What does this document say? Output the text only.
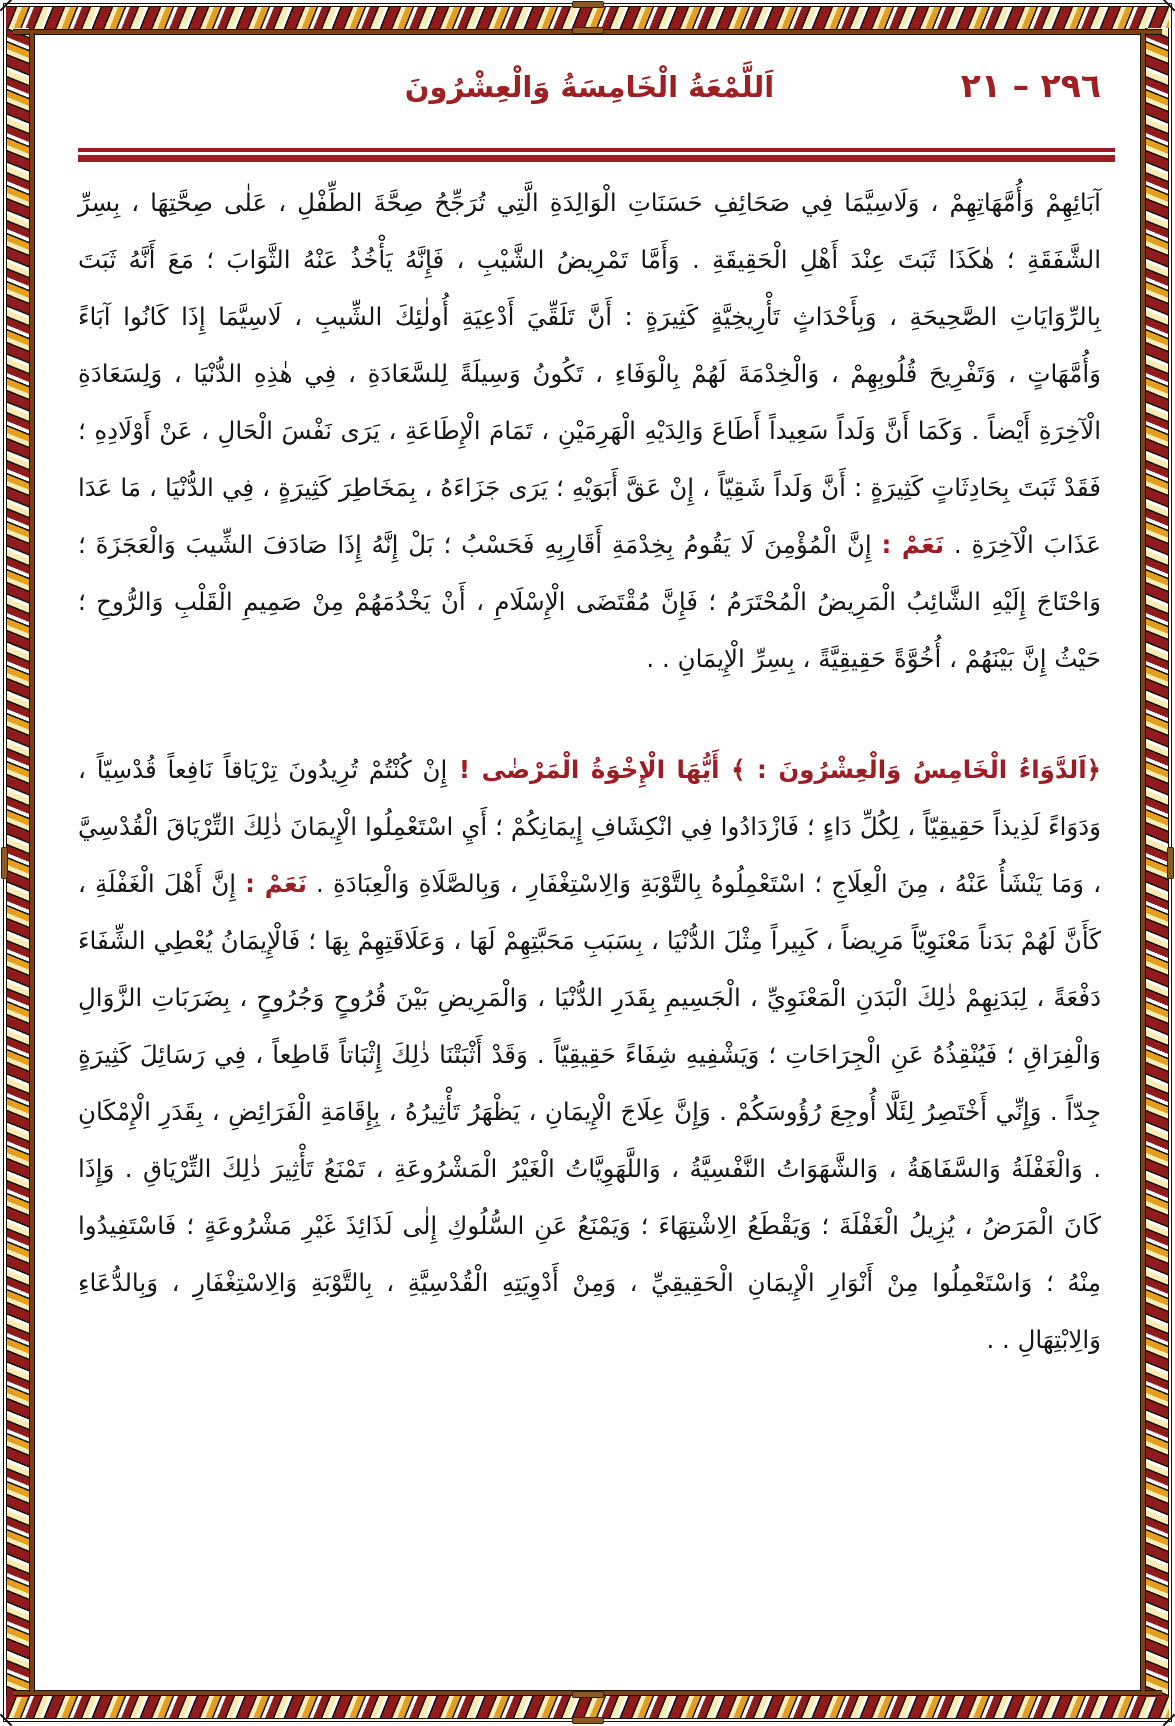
٢٩٦ – ٢١
اَللَّمْعَةُ الْخَامِسَةُ وَالْعِشْرُونَ

آبَائِهِمْ وَأُمَّهَاتِهِمْ ، وَلَاسِيَّمَا فِي صَحَائِفِ حَسَنَاتِ الْوَالِدَةِ الَّتِي تُرَجِّحُ صِحَّةَ الطِّفْلِ ، عَلٰى صِحَّتِهَا ، بِسِرِّ الشَّفَقَةِ ؛ هٰكَذَا ثَبَتَ عِنْدَ أَهْلِ الْحَقِيقَةِ . وَأَمَّا تَمْرِيضُ الشَّيْبِ ، فَإِنَّهُ يَأْخُذُ عَنْهُ الثَّوَابَ ؛ مَعَ أَنَّهُ ثَبَتَ بِالرِّوَايَاتِ الصَّحِيحَةِ ، وَبِأَحْدَاثٍ تَأْرِيخِيَّةٍ كَثِيرَةٍ : أَنَّ تَلَقِّيَ أَدْعِيَةِ أُولٰئِكَ الشِّيبِ ، لَاسِيَّمَا إِذَا كَانُوا آبَاءً وَأُمَّهَاتٍ ، وَتَفْرِيحَ قُلُوبِهِمْ ، وَالْخِدْمَةَ لَهُمْ بِالْوَفَاءِ ، تَكُونُ وَسِيلَةً لِلسَّعَادَةِ ، فِي هٰذِهِ الدُّنْيَا ، وَلِسَعَادَةِ الْآخِرَةِ أَيْضاً . وَكَمَا أَنَّ وَلَداً سَعِيداً أَطَاعَ وَالِدَيْهِ الْهَرِمَيْنِ ، تَمَامَ الْإِطَاعَةِ ، يَرَى نَفْسَ الْحَالِ ، عَنْ أَوْلَادِهِ ؛ فَقَدْ ثَبَتَ بِحَادِثَاتٍ كَثِيرَةٍ : أَنَّ وَلَداً شَقِيّاً ، إِنْ عَقَّ أَبَوَيْهِ ؛ يَرَى جَزَاءَهُ ، بِمَخَاطِرَ كَثِيرَةٍ ، فِي الدُّنْيَا ، مَا عَدَا عَذَابَ الْآخِرَةِ . نَعَمْ : إِنَّ الْمُؤْمِنَ لَا يَقُومُ بِخِدْمَةِ أَقَارِبِهِ فَحَسْبُ ؛ بَلْ إِنَّهُ إِذَا صَادَفَ الشِّيبَ وَالْعَجَزَةَ ؛ وَاحْتَاجَ إِلَيْهِ الشَّائِبُ الْمَرِيضُ الْمُحْتَرَمُ ؛ فَإِنَّ مُقْتَضَى الْإِسْلَامِ ، أَنْ يَخْدُمَهُمْ مِنْ صَمِيمِ الْقَلْبِ وَالرُّوحِ ؛ حَيْثُ إِنَّ بَيْنَهُمْ ، أُخُوَّةً حَقِيقِيَّةً ، بِسِرِّ الْإِيمَانِ . .

﴿اَلدَّوَاءُ الْخَامِسُ وَالْعِشْرُونَ : ﴾ أَيُّهَا الْإِخْوَةُ الْمَرْضٰى ! إِنْ كُنْتُمْ تُرِيدُونَ تِرْيَاقاً نَافِعاً قُدْسِيّاً ، وَدَوَاءً لَذِيذاً حَقِيقِيّاً ، لِكُلِّ دَاءٍ ؛ فَازْدَادُوا فِي انْكِشَافِ إِيمَانِكُمْ ؛ أَيِ اسْتَعْمِلُوا الْإِيمَانَ ذٰلِكَ التِّرْيَاقَ الْقُدْسِيَّ ، وَمَا يَنْشَأُ عَنْهُ ، مِنَ الْعِلَاجِ ؛ اسْتَعْمِلُوهُ بِالتَّوْبَةِ وَالِاسْتِغْفَارِ ، وَبِالصَّلَاةِ وَالْعِبَادَةِ . نَعَمْ : إِنَّ أَهْلَ الْغَفْلَةِ ، كَأَنَّ لَهُمْ بَدَناً مَعْنَوِيّاً مَرِيضاً ، كَبِيراً مِثْلَ الدُّنْيَا ، بِسَبَبِ مَحَبَّتِهِمْ لَهَا ، وَعَلَاقَتِهِمْ بِهَا ؛ فَالْإِيمَانُ يُعْطِي الشِّفَاءَ دَفْعَةً ، لِبَدَنِهِمْ ذٰلِكَ الْبَدَنِ الْمَعْنَوِيِّ ، الْجَسِيمِ بِقَدَرِ الدُّنْيَا ، وَالْمَرِيضِ بَيْنَ قُرُوحٍ وَجُرُوحٍ ، بِضَرَبَاتِ الزَّوَالِ وَالْفِرَاقِ ؛ فَيُنْقِذُهُ عَنِ الْجِرَاحَاتِ ؛ وَيَشْفِيهِ شِفَاءً حَقِيقِيّاً . وَقَدْ أَثْبَتْنَا ذٰلِكَ إِثْبَاتاً قَاطِعاً ، فِي رَسَائِلَ كَثِيرَةٍ جِدّاً . وَإِنِّي أَخْتَصِرُ لِئَلَّا أُوجِعَ رُؤُوسَكُمْ . وَإِنَّ عِلَاجَ الْإِيمَانِ ، يَظْهَرُ تَأْثِيرُهُ ، بِإِقَامَةِ الْفَرَائِضِ ، بِقَدَرِ الْإِمْكَانِ . وَالْغَفْلَةُ وَالسَّفَاهَةُ ، وَالشَّهَوَاتُ النَّفْسِيَّةُ ، وَاللَّهَوِيَّاتُ الْغَيْرُ الْمَشْرُوعَةِ ، تَمْنَعُ تَأْثِيرَ ذٰلِكَ التِّرْيَاقِ . وَإِذَا كَانَ الْمَرَضُ ، يُزِيلُ الْغَفْلَةَ ؛ وَيَقْطَعُ الِاشْتِهَاءَ ؛ وَيَمْنَعُ عَنِ السُّلُوكِ إِلٰى لَذَائِذَ غَيْرِ مَشْرُوعَةٍ ؛ فَاسْتَفِيدُوا مِنْهُ ؛ وَاسْتَعْمِلُوا مِنْ أَنْوَارِ الْإِيمَانِ الْحَقِيقِيِّ ، وَمِنْ أَدْوِيَتِهِ الْقُدْسِيَّةِ ، بِالتَّوْبَةِ وَالِاسْتِغْفَارِ ، وَبِالدُّعَاءِ وَالِابْتِهَالِ . .
